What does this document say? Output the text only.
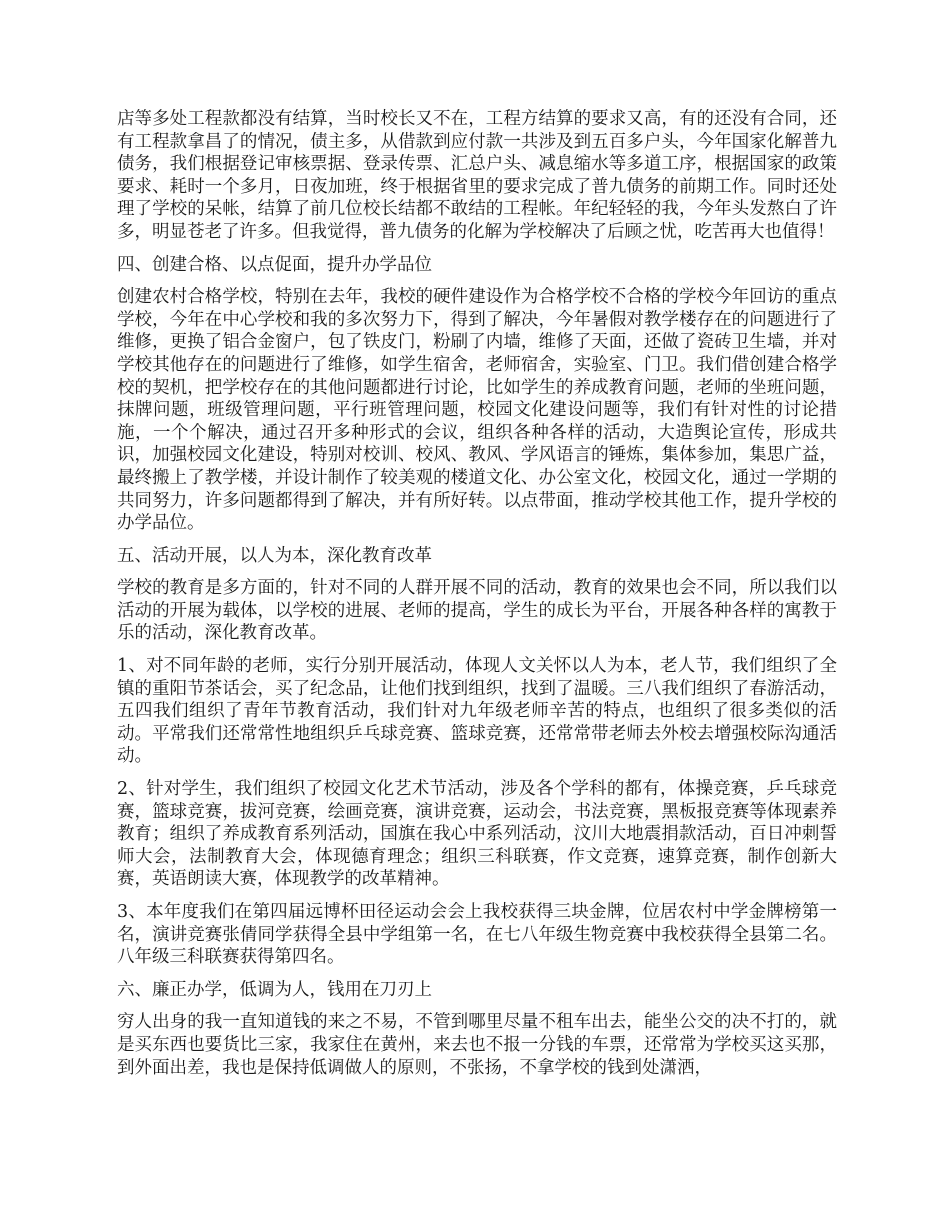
店等多处工程款都没有结算，当时校长又不在，工程方结算的要求又高，有的还没有合同，还有工程款拿昌了的情况，债主多，从借款到应付款一共涉及到五百多户头，今年国家化解普九债务，我们根据登记审核票据、登录传票、汇总户头、减息缩水等多道工序，根据国家的政策要求、耗时一个多月，日夜加班，终于根据省里的要求完成了普九债务的前期工作。同时还处理了学校的呆帐，结算了前几位校长结都不敢结的工程帐。年纪轻轻的我，今年头发熬白了许多，明显苍老了许多。但我觉得，普九债务的化解为学校解决了后顾之忧，吃苦再大也值得！

四、创建合格、以点促面，提升办学品位

创建农村合格学校，特别在去年，我校的硬件建设作为合格学校不合格的学校今年回访的重点学校，今年在中心学校和我的多次努力下，得到了解决，今年暑假对教学楼存在的问题进行了维修，更换了铝合金窗户，包了铁皮门，粉刷了内墙，维修了天面，还做了瓷砖卫生墙，并对学校其他存在的问题进行了维修，如学生宿舍，老师宿舍，实验室、门卫。我们借创建合格学校的契机，把学校存在的其他问题都进行讨论，比如学生的养成教育问题，老师的坐班问题，抹牌问题，班级管理问题，平行班管理问题，校园文化建设问题等，我们有针对性的讨论措施，一个个解决，通过召开多种形式的会议，组织各种各样的活动，大造舆论宣传，形成共识，加强校园文化建设，特别对校训、校风、教风、学风语言的锤炼，集体参加，集思广益，最终搬上了教学楼，并设计制作了较美观的楼道文化、办公室文化，校园文化，通过一学期的共同努力，许多问题都得到了解决，并有所好转。以点带面，推动学校其他工作，提升学校的办学品位。

五、活动开展，以人为本，深化教育改革

学校的教育是多方面的，针对不同的人群开展不同的活动，教育的效果也会不同，所以我们以活动的开展为载体，以学校的进展、老师的提高，学生的成长为平台，开展各种各样的寓教于乐的活动，深化教育改革。

1、对不同年龄的老师，实行分别开展活动，体现人文关怀以人为本，老人节，我们组织了全镇的重阳节茶话会，买了纪念品，让他们找到组织，找到了温暖。三八我们组织了春游活动，五四我们组织了青年节教育活动，我们针对九年级老师辛苦的特点，也组织了很多类似的活动。平常我们还常常性地组织乒乓球竞赛、篮球竞赛，还常常带老师去外校去增强校际沟通活动。

2、针对学生，我们组织了校园文化艺术节活动，涉及各个学科的都有，体操竞赛，乒乓球竞赛，篮球竞赛，拔河竞赛，绘画竞赛，演讲竞赛，运动会，书法竞赛，黑板报竞赛等体现素养教育；组织了养成教育系列活动，国旗在我心中系列活动，汶川大地震捐款活动，百日冲刺誓师大会，法制教育大会，体现德育理念；组织三科联赛，作文竞赛，速算竞赛，制作创新大赛，英语朗读大赛，体现教学的改革精神。

3、本年度我们在第四届远博杯田径运动会会上我校获得三块金牌，位居农村中学金牌榜第一名，演讲竞赛张倩同学获得全县中学组第一名，在七八年级生物竞赛中我校获得全县第二名。八年级三科联赛获得第四名。

六、廉正办学，低调为人，钱用在刀刃上

穷人出身的我一直知道钱的来之不易，不管到哪里尽量不租车出去，能坐公交的决不打的，就是买东西也要货比三家，我家住在黄州，来去也不报一分钱的车票，还常常为学校买这买那，到外面出差，我也是保持低调做人的原则，不张扬，不拿学校的钱到处潇洒，
